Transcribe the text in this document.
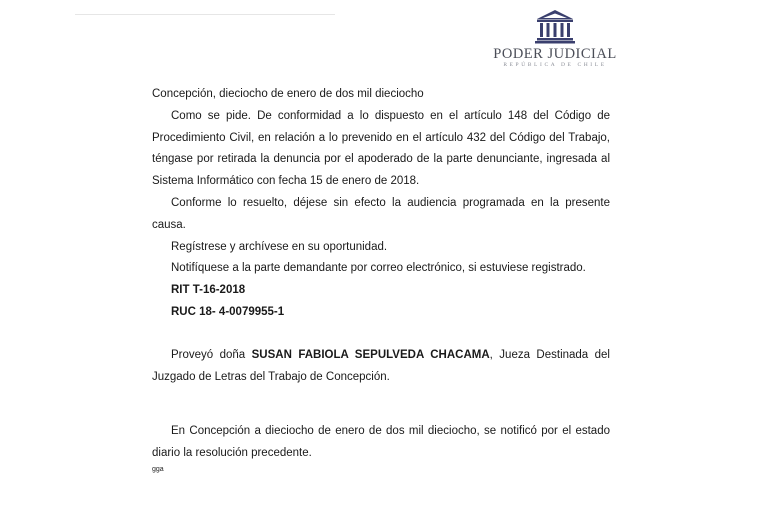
PODER JUDICIAL
REPÚBLICA DE CHILE

Concepción, dieciocho de enero de dos mil dieciocho

Como se pide. De conformidad a lo dispuesto en el artículo 148 del Código de Procedimiento Civil, en relación a lo prevenido en el artículo 432 del Código del Trabajo, téngase por retirada la denuncia por el apoderado de la parte denunciante, ingresada al Sistema Informático con fecha 15 de enero de 2018.

Conforme lo resuelto, déjese sin efecto la audiencia programada en la presente causa.

Regístrese y archívese en su oportunidad.

Notifíquese a la parte demandante por correo electrónico, si estuviese registrado.

RIT T-16-2018

RUC 18- 4-0079955-1

Proveyó doña SUSAN FABIOLA SEPULVEDA CHACAMA, Jueza Destinada del Juzgado de Letras del Trabajo de Concepción.

En Concepción a dieciocho de enero de dos mil dieciocho, se notificó por el estado diario la resolución precedente.

gga
